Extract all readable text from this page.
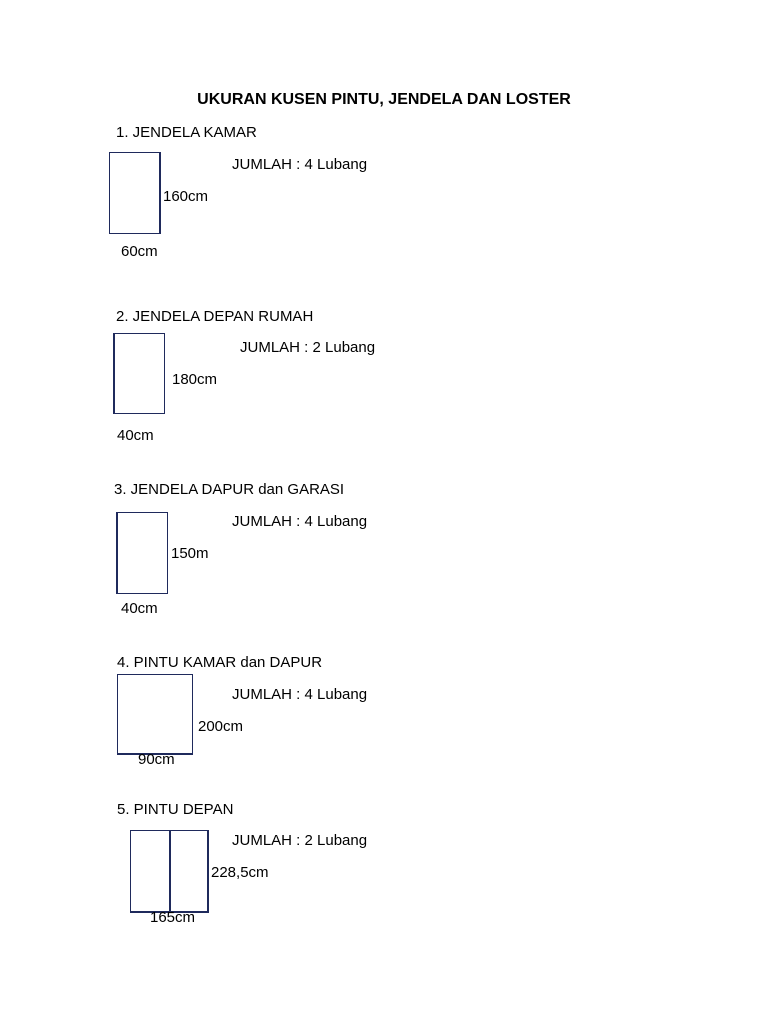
UKURAN KUSEN PINTU, JENDELA DAN LOSTER
1. JENDELA KAMAR
JUMLAH : 4 Lubang
160cm
60cm
2. JENDELA DEPAN RUMAH
JUMLAH : 2 Lubang
180cm
40cm
3. JENDELA DAPUR dan GARASI
JUMLAH : 4 Lubang
150m
40cm
4. PINTU KAMAR dan DAPUR
JUMLAH : 4 Lubang
200cm
90cm
5. PINTU DEPAN
JUMLAH : 2 Lubang
228,5cm
165cm
